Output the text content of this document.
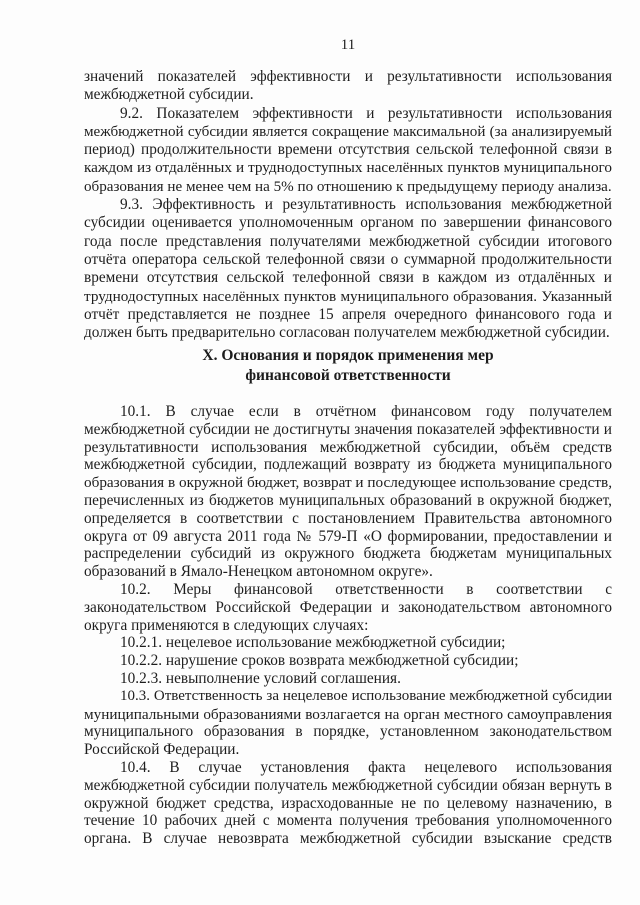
11
значений показателей эффективности и результативности использования
межбюджетной субсидии.
9.2. Показателем эффективности и результативности использования
межбюджетной субсидии является сокращение максимальной (за анализируемый
период) продолжительности времени отсутствия сельской телефонной связи в
каждом из отдалённых и труднодоступных населённых пунктов муниципального
образования не менее чем на 5% по отношению к предыдущему периоду анализа.
9.3. Эффективность и результативность использования межбюджетной
субсидии оценивается уполномоченным органом по завершении финансового
года после представления получателями межбюджетной субсидии итогового
отчёта оператора сельской телефонной связи о суммарной продолжительности
времени отсутствия сельской телефонной связи в каждом из отдалённых и
труднодоступных населённых пунктов муниципального образования. Указанный
отчёт представляется не позднее 15 апреля очередного финансового года и
должен быть предварительно согласован получателем межбюджетной субсидии.
X. Основания и порядок применения мер
финансовой ответственности
10.1. В случае если в отчётном финансовом году получателем
межбюджетной субсидии не достигнуты значения показателей эффективности и
результативности использования межбюджетной субсидии, объём средств
межбюджетной субсидии, подлежащий возврату из бюджета муниципального
образования в окружной бюджет, возврат и последующее использование средств,
перечисленных из бюджетов муниципальных образований в окружной бюджет,
определяется в соответствии с постановлением Правительства автономного
округа от 09 августа 2011 года № 579-П «О формировании, предоставлении и
распределении субсидий из окружного бюджета бюджетам муниципальных
образований в Ямало-Ненецком автономном округе».
10.2. Меры финансовой ответственности в соответствии с
законодательством Российской Федерации и законодательством автономного
округа применяются в следующих случаях:
10.2.1. нецелевое использование межбюджетной субсидии;
10.2.2. нарушение сроков возврата межбюджетной субсидии;
10.2.3. невыполнение условий соглашения.
10.3. Ответственность за нецелевое использование межбюджетной субсидии
муниципальными образованиями возлагается на орган местного самоуправления
муниципального образования в порядке, установленном законодательством
Российской Федерации.
10.4. В случае установления факта нецелевого использования
межбюджетной субсидии получатель межбюджетной субсидии обязан вернуть в
окружной бюджет средства, израсходованные не по целевому назначению, в
течение 10 рабочих дней с момента получения требования уполномоченного
органа. В случае невозврата межбюджетной субсидии взыскание средств
